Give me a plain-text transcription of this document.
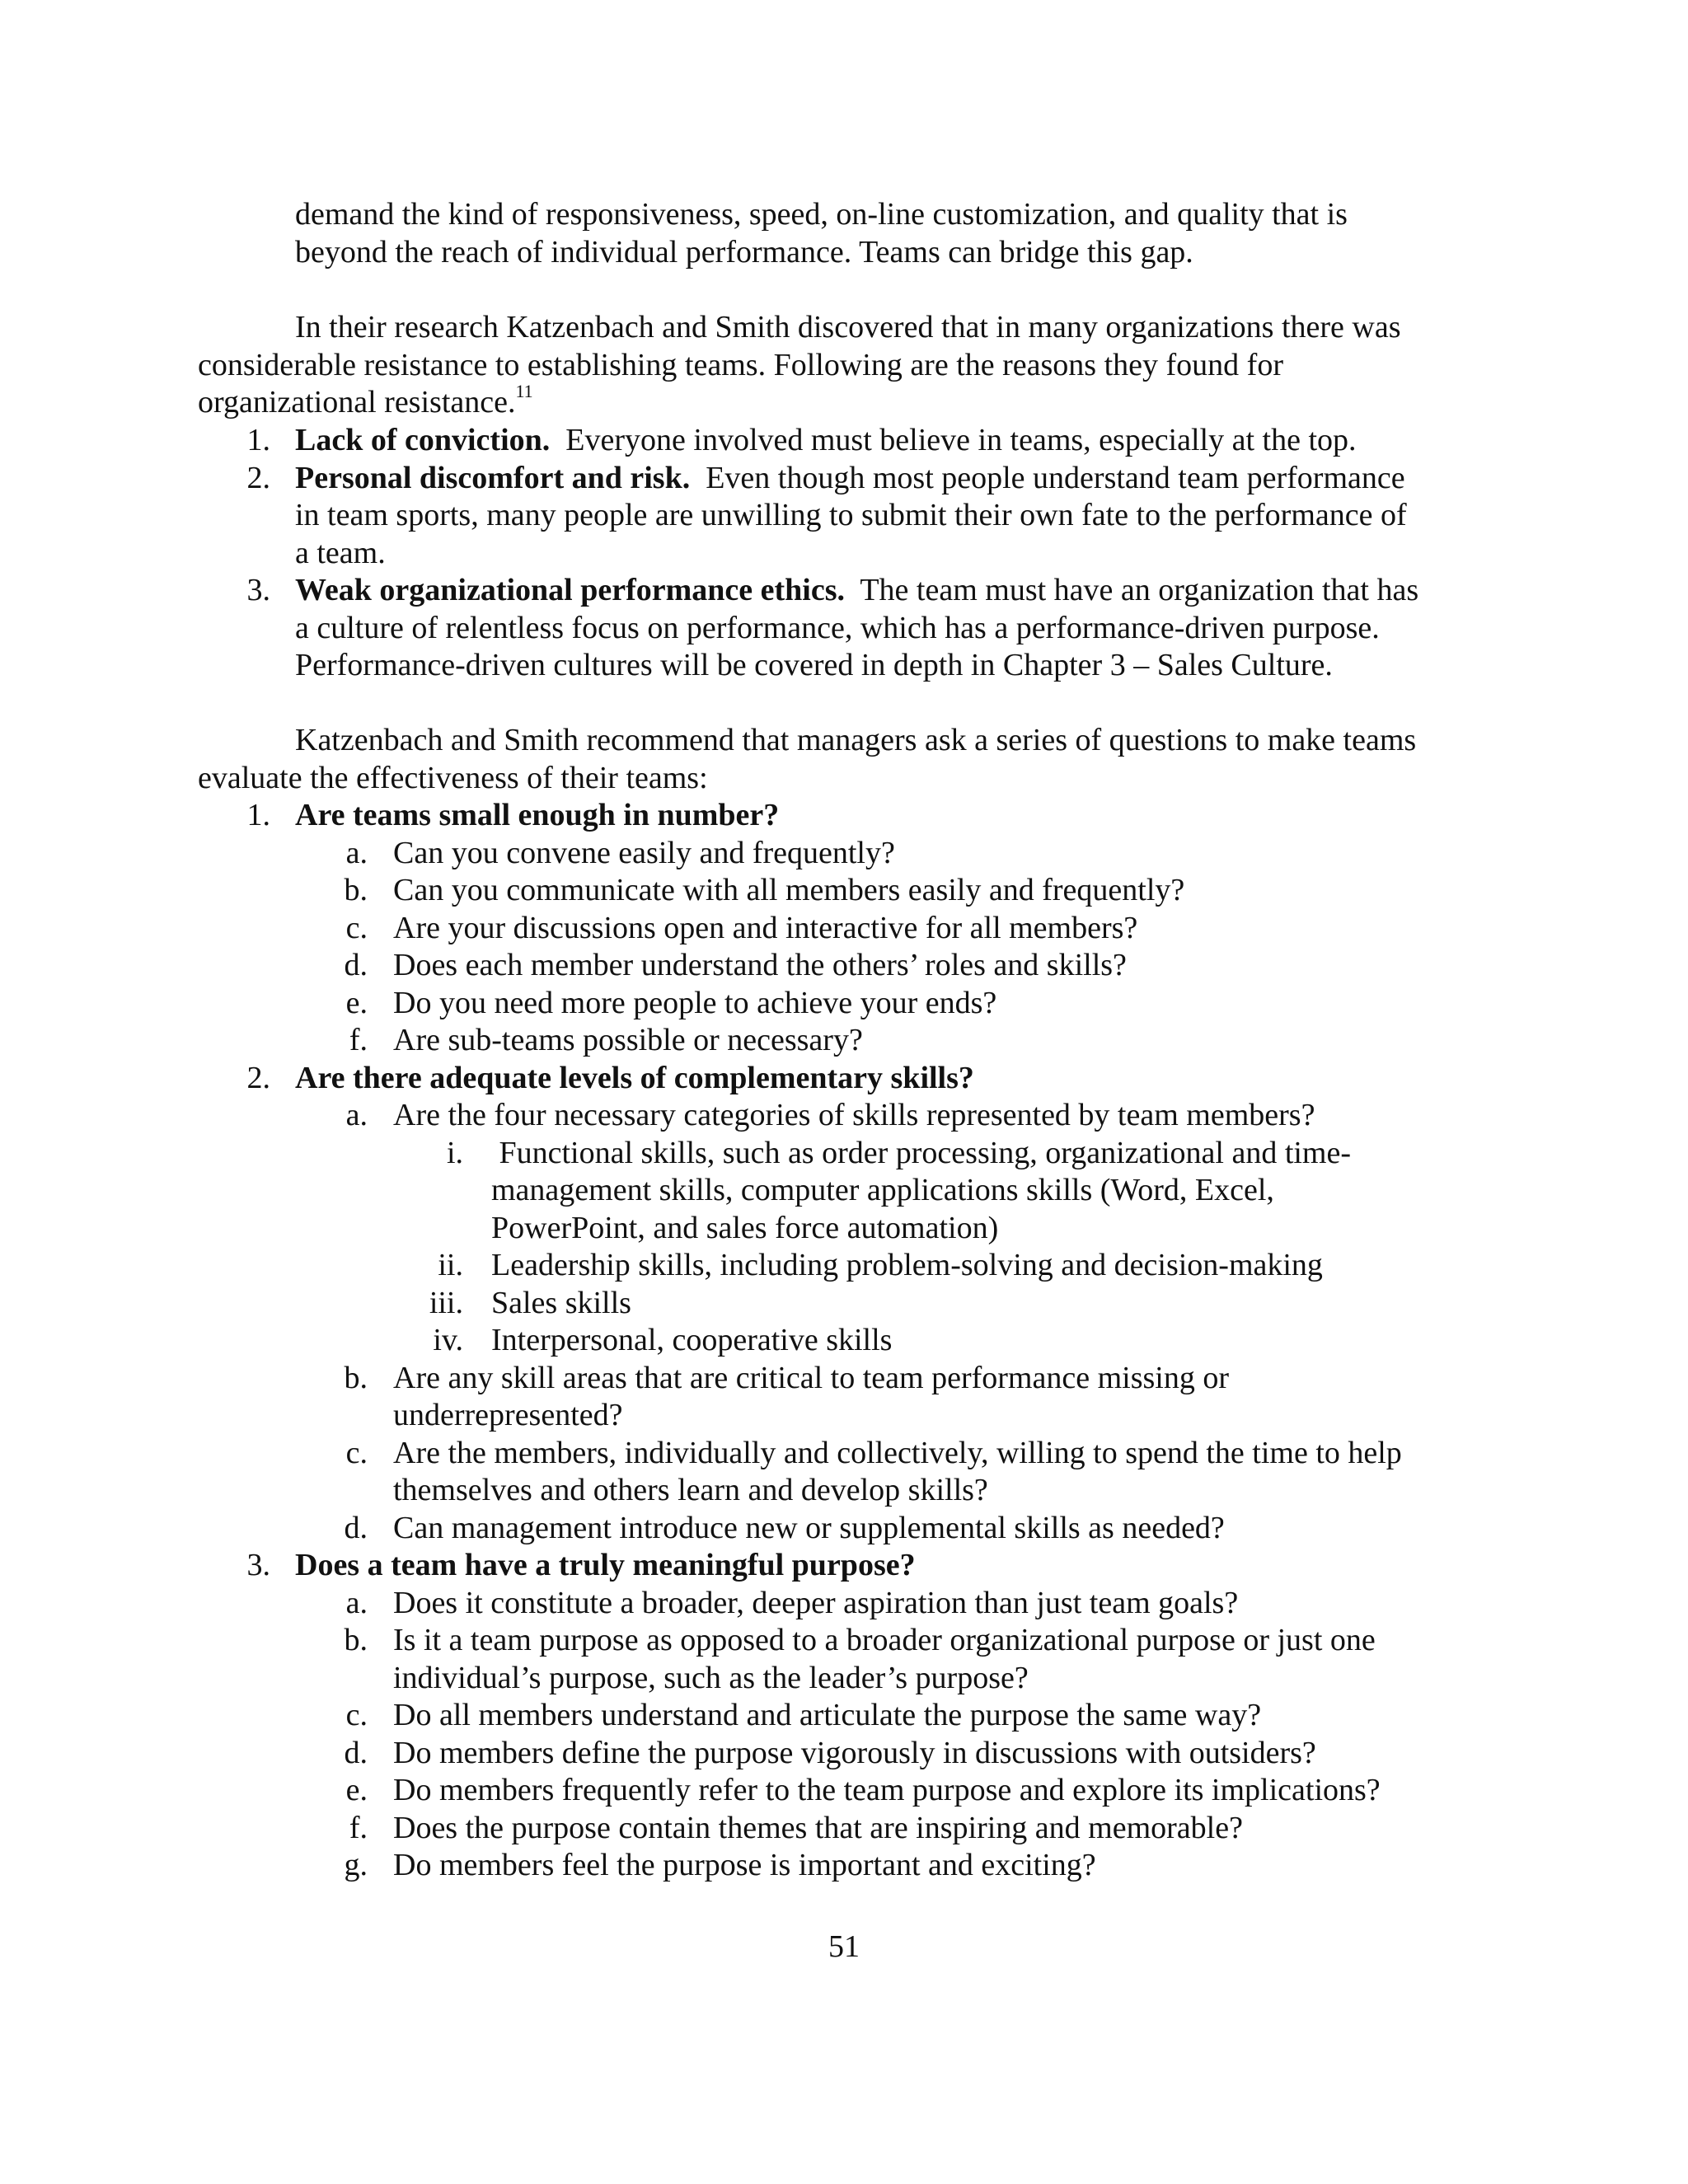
demand the kind of responsiveness, speed, on-line customization, and quality that is
beyond the reach of individual performance. Teams can bridge this gap.
In their research Katzenbach and Smith discovered that in many organizations there was
considerable resistance to establishing teams. Following are the reasons they found for
organizational resistance.$^{11}$
1. Lack of conviction.  Everyone involved must believe in teams, especially at the top.
2. Personal discomfort and risk.  Even though most people understand team performance
in team sports, many people are unwilling to submit their own fate to the performance of
a team.
3. Weak organizational performance ethics.  The team must have an organization that has
a culture of relentless focus on performance, which has a performance-driven purpose.
Performance-driven cultures will be covered in depth in Chapter 3 – Sales Culture.
Katzenbach and Smith recommend that managers ask a series of questions to make teams
evaluate the effectiveness of their teams:
1. Are teams small enough in number?
a. Can you convene easily and frequently?
b. Can you communicate with all members easily and frequently?
c. Are your discussions open and interactive for all members?
d. Does each member understand the others’ roles and skills?
e. Do you need more people to achieve your ends?
f. Are sub-teams possible or necessary?
2. Are there adequate levels of complementary skills?
a. Are the four necessary categories of skills represented by team members?
i. Functional skills, such as order processing, organizational and time-
management skills, computer applications skills (Word, Excel,
PowerPoint, and sales force automation)
ii. Leadership skills, including problem-solving and decision-making
iii. Sales skills
iv. Interpersonal, cooperative skills
b. Are any skill areas that are critical to team performance missing or
underrepresented?
c. Are the members, individually and collectively, willing to spend the time to help
themselves and others learn and develop skills?
d. Can management introduce new or supplemental skills as needed?
3. Does a team have a truly meaningful purpose?
a. Does it constitute a broader, deeper aspiration than just team goals?
b. Is it a team purpose as opposed to a broader organizational purpose or just one
individual’s purpose, such as the leader’s purpose?
c. Do all members understand and articulate the purpose the same way?
d. Do members define the purpose vigorously in discussions with outsiders?
e. Do members frequently refer to the team purpose and explore its implications?
f. Does the purpose contain themes that are inspiring and memorable?
g. Do members feel the purpose is important and exciting?
51
